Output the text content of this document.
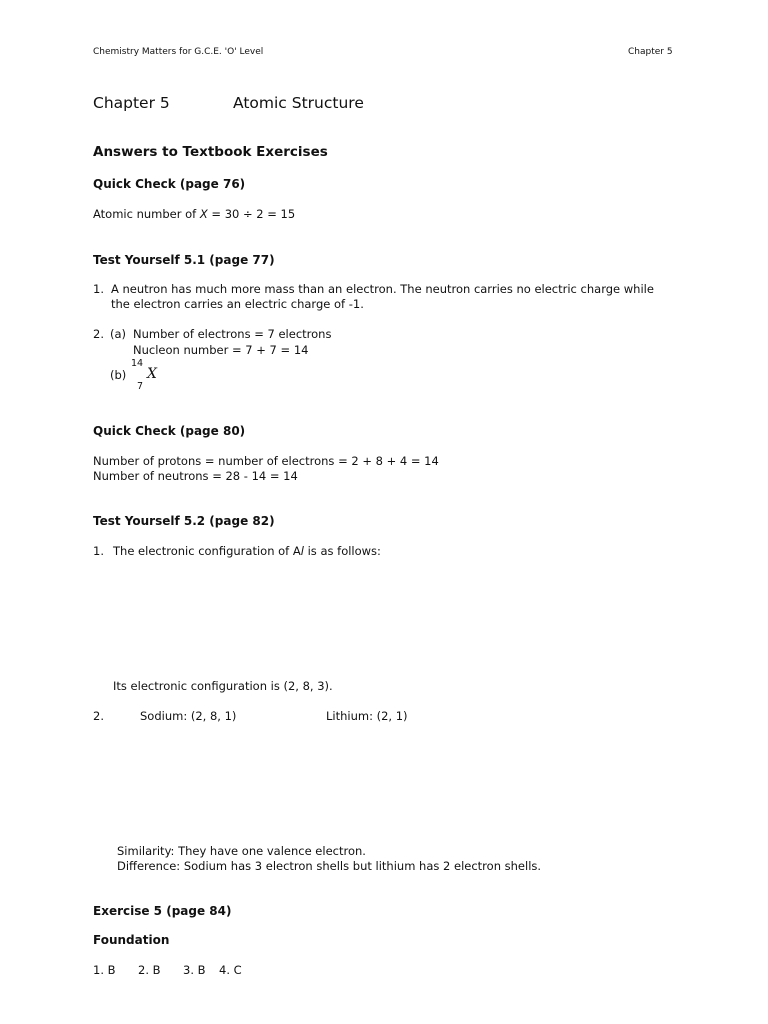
Chemistry Matters for G.C.E. 'O' Level	Chapter 5
Chapter 5	Atomic Structure
Answers to Textbook Exercises
Quick Check (page 76)
Atomic number of X = 30 ÷ 2 = 15
Test Yourself 5.1 (page 77)
1. A neutron has much more mass than an electron. The neutron carries no electric charge while
the electron carries an electric charge of -1.
2. (a) Number of electrons = 7 electrons
Nucleon number = 7 + 7 = 14
(b)
14
7
X
Quick Check (page 80)
Number of protons = number of electrons = 2 + 8 + 4 = 14
Number of neutrons = 28 - 14 = 14
Test Yourself 5.2 (page 82)
1. The electronic configuration of Al is as follows:
Its electronic configuration is (2, 8, 3).
2.	Sodium: (2, 8, 1)	Lithium: (2, 1)
Similarity: They have one valence electron.
Difference: Sodium has 3 electron shells but lithium has 2 electron shells.
Exercise 5 (page 84)
Foundation
1. B 2. B 3. B 4. C
